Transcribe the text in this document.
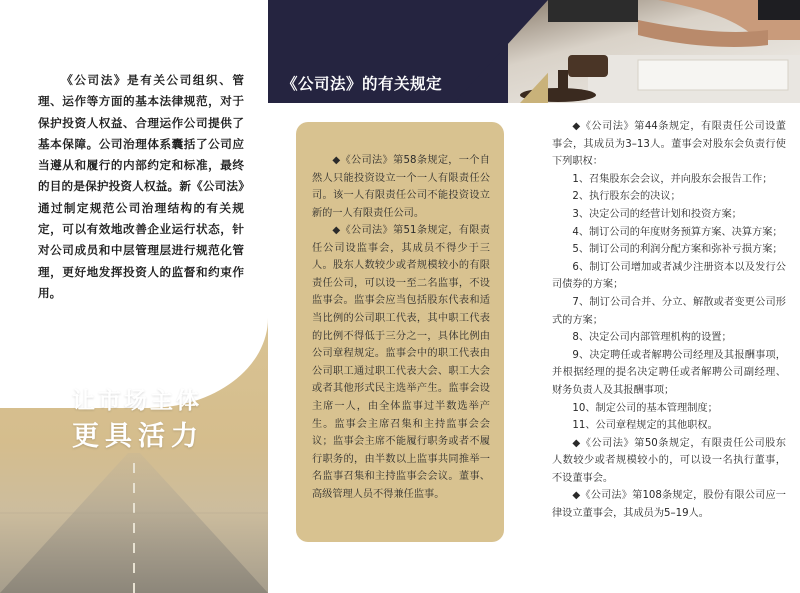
《公司法》是有关公司组织、管理、运作等方面的基本法律规范，对于保护投资人权益、合理运作公司提供了基本保障。公司治理体系囊括了公司应当遵从和履行的内部约定和标准，最终的目的是保护投资人权益。新《公司法》通过制定规范公司治理结构的有关规定，可以有效地改善企业运行状态，针对公司成员和中层管理层进行规范化管理，更好地发挥投资人的监督和约束作用。

让市场主体
更具活力
《公司法》的有关规定

◆《公司法》第58条规定，一个自然人只能投资设立一个一人有限责任公司。该一人有限责任公司不能投资设立新的一人有限责任公司。

◆《公司法》第51条规定，有限责任公司设监事会，其成员不得少于三人。股东人数较少或者规模较小的有限责任公司，可以设一至二名监事，不设监事会。监事会应当包括股东代表和适当比例的公司职工代表，其中职工代表的比例不得低于三分之一，具体比例由公司章程规定。监事会中的职工代表由公司职工通过职工代表大会、职工大会或者其他形式民主选举产生。监事会设主席一人，由全体监事过半数选举产生。监事会主席召集和主持监事会会议；监事会主席不能履行职务或者不履行职务的，由半数以上监事共同推举一名监事召集和主持监事会会议。董事、高级管理人员不得兼任监事。

◆《公司法》第44条规定，有限责任公司设董事会，其成员为3–13人。董事会对股东会负责行使下列职权：

1、召集股东会会议，并向股东会报告工作；

2、执行股东会的决议；

3、决定公司的经营计划和投资方案；

4、制订公司的年度财务预算方案、决算方案；

5、制订公司的利润分配方案和弥补亏损方案；

6、制订公司增加或者减少注册资本以及发行公司债券的方案；

7、制订公司合并、分立、解散或者变更公司形式的方案；

8、决定公司内部管理机构的设置；

9、决定聘任或者解聘公司经理及其报酬事项，并根据经理的提名决定聘任或者解聘公司副经理、财务负责人及其报酬事项；

10、制定公司的基本管理制度；

11、公司章程规定的其他职权。

◆《公司法》第50条规定，有限责任公司股东人数较少或者规模较小的，可以设一名执行董事，不设董事会。

◆《公司法》第108条规定，股份有限公司应一律设立董事会，其成员为5–19人。
